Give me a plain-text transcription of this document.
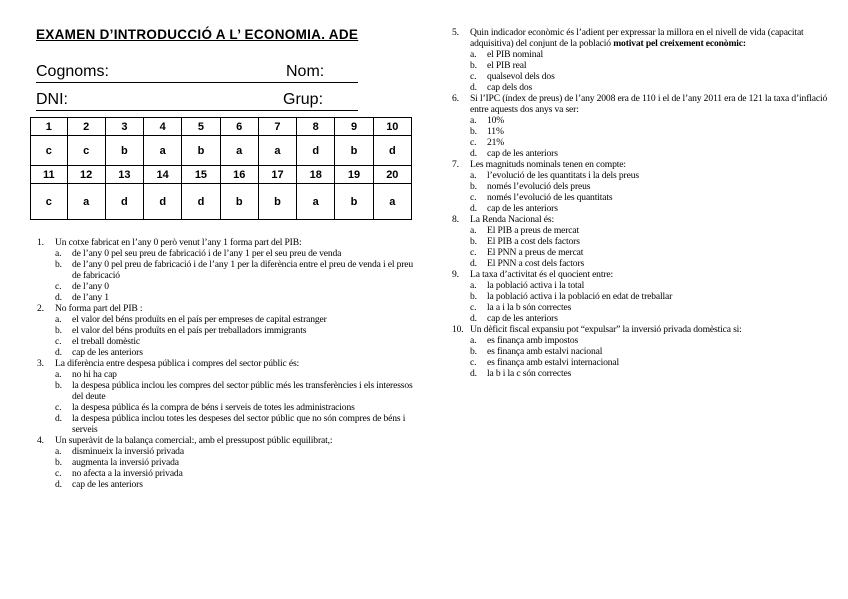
EXAMEN D’INTRODUCCIÓ A L’ ECONOMIA. ADE
Cognoms:	Nom:
DNI:	Grup:
1	2	3	4	5	6	7	8	9	10
c	c	b	a	b	a	a	d	b	d
11	12	13	14	15	16	17	18	19	20
c	a	d	d	d	b	b	a	b	a
1. Un cotxe fabricat en l’any 0 però venut l’any 1 forma part del PIB:
a. de l’any 0 pel seu preu de fabricació i de l’any 1 per el seu preu de venda
b. de l’any 0 pel preu de fabricació i de l’any 1 per la diferència entre el preu de venda i el preu de fabricació
c. de l’any 0
d. de l’any 1
2. No forma part del PIB :
a. el valor del béns produïts en el país per empreses de capital estranger
b. el valor del béns produïts en el país per treballadors immigrants
c. el treball domèstic
d. cap de les anteriors
3. La diferència entre despesa pública i compres del sector públic és:
a. no hi ha cap
b. la despesa pública inclou les compres del sector públic més les transferències i els interessos del deute
c. la despesa pública és la compra de béns i serveis de totes les administracions
d. la despesa pública inclou totes les despeses del sector públic que no són compres de béns i serveis
4. Un superàvit de la balança comercial:, amb el pressupost públic equilibrat,:
a. disminueix la inversió privada
b. augmenta la inversió privada
c. no afecta a la inversió privada
d. cap de les anteriors
5. Quin indicador econòmic és l’adient per expressar la millora en el nivell de vida (capacitat adquisitiva) del conjunt de la població motivat pel creixement econòmic:
a. el PIB nominal
b. el PIB real
c. qualsevol dels dos
d. cap dels dos
6. Si l’IPC (índex de preus) de l’any 2008 era de 110 i el de l’any 2011 era de 121 la taxa d’inflació entre aquests dos anys va ser:
a. 10%
b. 11%
c. 21%
d. cap de les anteriors
7. Les magnituds nominals tenen en compte:
a. l’evolució de les quantitats i la dels preus
b. només l’evolució dels preus
c. només l’evolució de les quantitats
d. cap de les anteriors
8. La Renda Nacional és:
a. El PIB a preus de mercat
b. El PIB a cost dels factors
c. El PNN a preus de mercat
d. El PNN a cost dels factors
9. La taxa d’activitat és el quocient entre:
a. la població activa i la total
b. la població activa i la població en edat de treballar
c. la a i la b són correctes
d. cap de les anteriors
10. Un dèficit fiscal expansiu pot “expulsar” la inversió privada domèstica si:
a. es finança amb impostos
b. es finança amb estalvi nacional
c. es finança amb estalvi internacional
d. la b i la c són correctes
